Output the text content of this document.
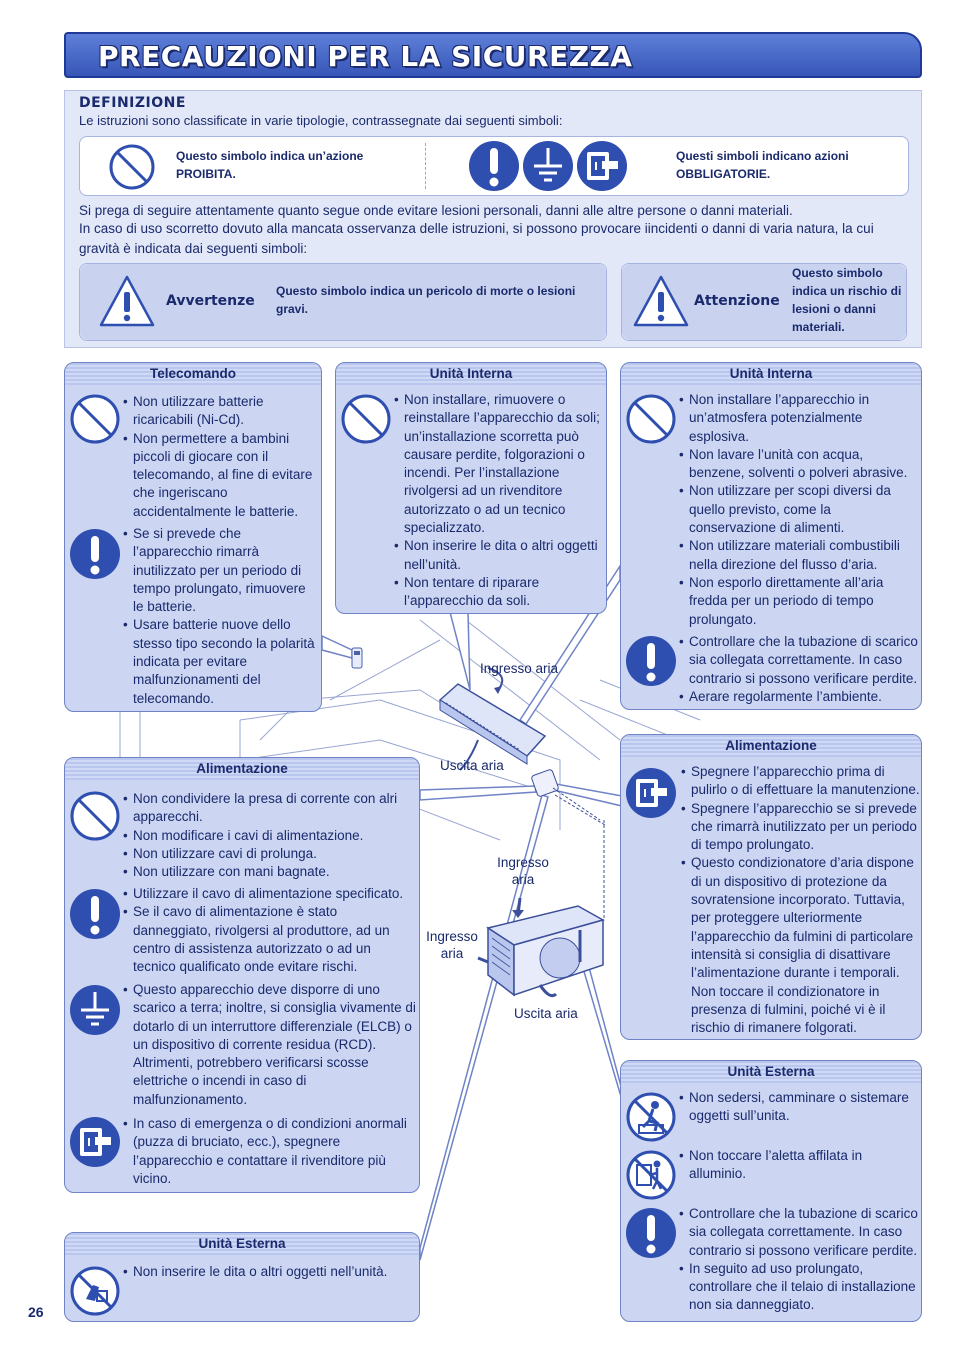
PRECAUZIONI PER LA SICUREZZA
DEFINIZIONE
Le istruzioni sono classificate in varie tipologie, contrassegnate dai seguenti simboli:
Questo simbolo indica un’azione
PROIBITA.
Questi simboli indicano azioni
OBBLIGATORIE.
Si prega di seguire attentamente quanto segue onde evitare lesioni personali, danni alle altre persone o danni materiali.
In caso di uso scorretto dovuto alla mancata osservanza delle istruzioni, si possono provocare iincidenti o danni di varia natura, la cui gravità è indicata dai seguenti simboli:
Avvertenze
Questo simbolo indica un pericolo di morte o lesioni gravi.	Attenzione
Questo simbolo indica un rischio di lesioni o danni materiali.
Telecomando
• Non utilizzare batterie ricaricabili (Ni-Cd).
• Non permettere a bambini piccoli di giocare con il telecomando, al fine di evitare che ingeriscano accidentalmente le batterie.
• Se si prevede che l’apparecchio rimarrà inutilizzato per un periodo di tempo prolungato, rimuovere le batterie.
• Usare batterie nuove dello stesso tipo secondo la polarità indicata per evitare malfunzionamenti del telecomando.
Unità Interna
• Non installare, rimuovere o reinstallare l’apparecchio da soli; un’installazione scorretta può causare perdite, folgorazioni o incendi. Per l’installazione rivolgersi ad un rivenditore autorizzato o ad un tecnico specializzato.
• Non inserire le dita o altri oggetti nell’unità.
• Non tentare di riparare l’apparecchio da soli.
Unità Interna
• Non installare l’apparecchio in un’atmosfera potenzialmente esplosiva.
• Non lavare l’unità con acqua, benzene, solventi o polveri abrasive.
• Non utilizzare per scopi diversi da quello previsto, come la conservazione di alimenti.
• Non utilizzare materiali combustibili nella direzione del flusso d’aria.
• Non esporlo direttamente all’aria fredda per un periodo di tempo prolungato.
• Controllare che la tubazione di scarico sia collegata correttamente. In caso contrario si possono verificare perdite.
• Aerare regolarmente l’ambiente.
Alimentazione
• Non condividere la presa di corrente con alri apparecchi.
• Non modificare i cavi di alimentazione.
• Non utilizzare cavi di prolunga.
• Non utilizzare con mani bagnate.
• Utilizzare il cavo di alimentazione specificato.
• Se il cavo di alimentazione è stato danneggiato, rivolgersi al produttore, ad un centro di assistenza autorizzato o ad un tecnico qualificato onde evitare rischi.
• Questo apparecchio deve disporre di uno scarico a terra; inoltre, si consiglia vivamente di dotarlo di un interruttore differenziale (ELCB) o un dispositivo di corrente residua (RCD). Altrimenti, potrebbero verificarsi scosse elettriche o incendi in caso di malfunzionamento.
• In caso di emergenza o di condizioni anormali (puzza di bruciato, ecc.), spegnere l’apparecchio e contattare il rivenditore più vicino.
Unità Esterna
• Non inserire le dita o altri oggetti nell’unità.
Alimentazione
• Spegnere l’apparecchio prima di pulirlo o di effettuare la manutenzione.
• Spegnere l’apparecchio se si prevede che rimarrà inutilizzato per un periodo di tempo prolungato.
• Questo condizionatore d’aria dispone di un dispositivo di protezione da sovratensione incorporato. Tuttavia, per proteggere ulteriormente l’apparecchio da fulmini di particolare intensità si consiglia di disattivare l’alimentazione durante i temporali. Non toccare il condizionatore in presenza di fulmini, poiché vi è il rischio di rimanere folgorati.
Unità Esterna
• Non sedersi, camminare o sistemare oggetti sull’unita.
• Non toccare l’aletta affilata in alluminio.
• Controllare che la tubazione di scarico sia collegata correttamente. In caso contrario si possono verificare perdite.
• In seguito ad uso prolungato, controllare che il telaio di installazione non sia danneggiato.
Ingresso aria
Uscita aria
Ingresso
aria
Ingresso
aria
Uscita aria
26
